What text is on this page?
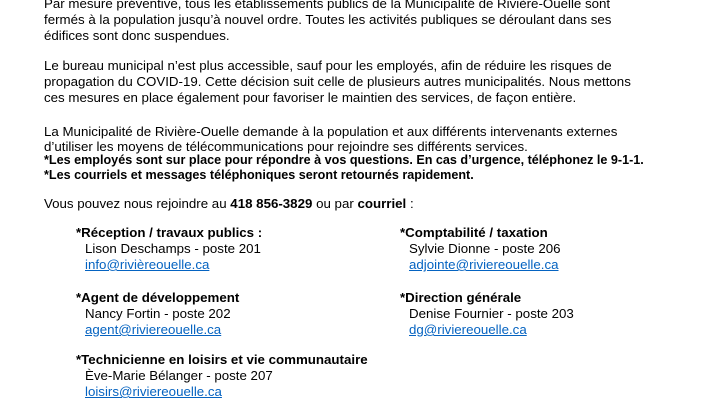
Par mesure préventive, tous les établissements publics de la Municipalité de Rivière-Ouelle sont
fermés à la population jusqu’à nouvel ordre. Toutes les activités publiques se déroulant dans ses
édifices sont donc suspendues.
Le bureau municipal n’est plus accessible, sauf pour les employés, afin de réduire les risques de
propagation du COVID-19. Cette décision suit celle de plusieurs autres municipalités. Nous mettons
ces mesures en place également pour favoriser le maintien des services, de façon entière.
La Municipalité de Rivière-Ouelle demande à la population et aux différents intervenants externes
d’utiliser les moyens de télécommunications pour rejoindre ses différents services.
*Les employés sont sur place pour répondre à vos questions. En cas d’urgence, téléphonez le 9-1-1.
*Les courriels et messages téléphoniques seront retournés rapidement.
Vous pouvez nous rejoindre au 418 856-3829 ou par courriel :
*Réception / travaux publics :
Lison Deschamps - poste 201
info@rivièreouelle.ca
*Comptabilité / taxation
Sylvie Dionne - poste 206
adjointe@riviereouelle.ca
*Agent de développement
Nancy Fortin - poste 202
agent@riviereouelle.ca
*Direction générale
Denise Fournier - poste 203
dg@riviereouelle.ca
*Technicienne en loisirs et vie communautaire
Ève-Marie Bélanger - poste 207
loisirs@riviereouelle.ca
